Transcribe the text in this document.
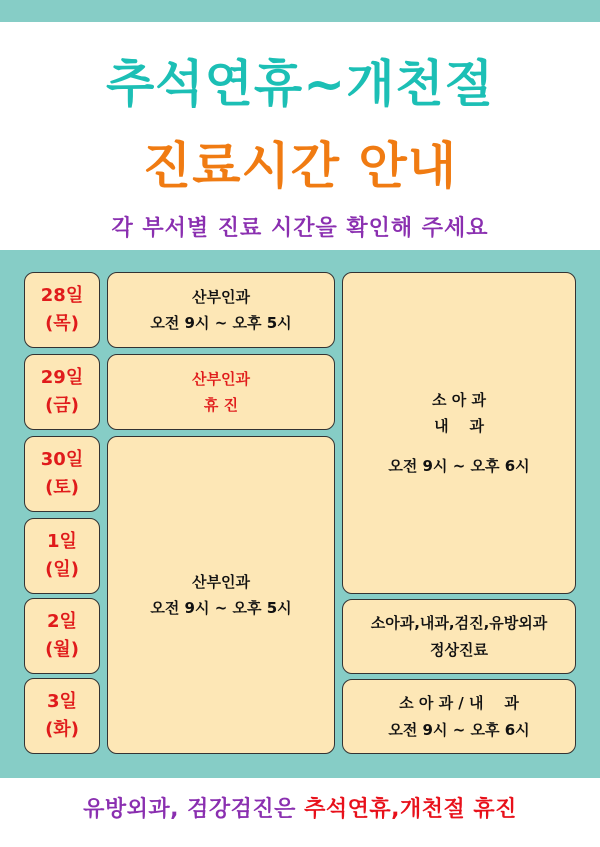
추석연휴~개천절
진료시간 안내
각 부서별 진료 시간을 확인해 주세요
28일
(목)
29일
(금)
30일
(토)
1일
(일)
2일
(월)
3일
(화)
산부인과
오전 9시 ~ 오후 5시
산부인과
휴 진
산부인과
오전 9시 ~ 오후 5시
소 아 과
내    과
오전 9시 ~ 오후 6시
소아과,내과,검진,유방외과
정상진료
소 아 과 / 내    과
오전 9시 ~ 오후 6시
유방외과, 검강검진은 추석연휴,개천절 휴진
